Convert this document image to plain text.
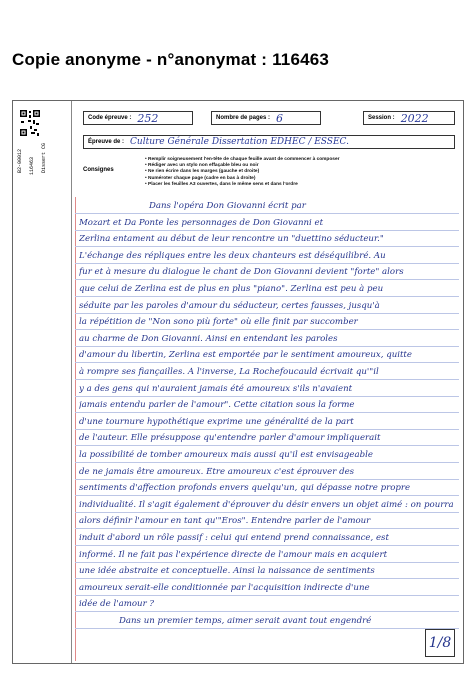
Copie anonyme - n°anonymat : 116463
B2-00012 116463 Dissert CG
Code épreuve : 252	Nombre de pages : 6	Session : 2022
Épreuve de : Culture Générale Dissertation EDHEC / ESSEC.
Consignes
• Remplir soigneusement l'en-tête de chaque feuille avant de commencer à composer
• Rédiger avec un stylo non effaçable bleu ou noir
• Ne rien écrire dans les marges (gauche et droite)
• Numéroter chaque page (cadre en bas à droite)
• Placer les feuilles A3 ouvertes, dans le même sens et dans l'ordre
Dans l'opéra Don Giovanni écrit par
Mozart et Da Ponte les personnages de Don Giovanni et
Zerlina entament au début de leur rencontre un "duettino séducteur."
L'échange des répliques entre les deux chanteurs est déséquilibré. Au
fur et à mesure du dialogue le chant de Don Giovanni devient "forte" alors
que celui de Zerlina est de plus en plus "piano". Zerlina est peu à peu
séduite par les paroles d'amour du séducteur, certes fausses, jusqu'à
la répétition de "Non sono più forte" où elle finit par succomber
au charme de Don Giovanni. Ainsi en entendant les paroles
d'amour du libertin, Zerlina est emportée par le sentiment amoureux, quitte
à rompre ses fiançailles. À l'inverse, La Rochefoucauld écrivait qu'"il
y a des gens qui n'auraient jamais été amoureux s'ils n'avaient
jamais entendu parler de l'amour". Cette citation sous la forme
d'une tournure hypothétique exprime une généralité de la part
de l'auteur. Elle présuppose qu'entendre parler d'amour impliquerait
la possibilité de tomber amoureux mais aussi qu'il est envisageable
de ne jamais être amoureux. Être amoureux c'est éprouver des
sentiments d'affection profonds envers quelqu'un, qui dépasse notre propre
individualité. Il s'agit également d'éprouver du désir envers un objet aimé : on pourra
alors définir l'amour en tant qu'"Éros". Entendre parler de l'amour
induit d'abord un rôle passif : celui qui entend prend connaissance, est
informé. Il ne fait pas l'expérience directe de l'amour mais en acquiert
une idée abstraite et conceptuelle. Ainsi la naissance de sentiments
amoureux serait-elle conditionnée par l'acquisition indirecte d'une
idée de l'amour ?
Dans un premier temps, aimer serait avant tout engendré
1/8
